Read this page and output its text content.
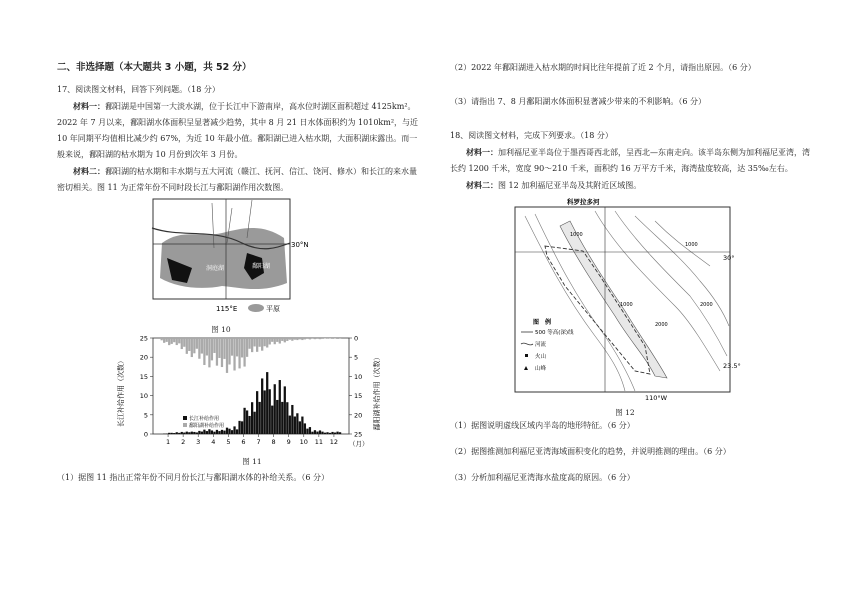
二、非选择题（本大题共 3 小题，共 52 分）

17、阅读图文材料，回答下列问题。（18 分）

材料一：鄱阳湖是中国第一大淡水湖，位于长江中下游南岸，高水位时湖区面积超过 4125km²。2022 年 7 月以来，鄱阳湖水体面积呈显著减少趋势，其中 8 月 21 日水体面积约为 1010km²，与近 10 年同期平均值相比减少约 67%，为近 10 年最小值。鄱阳湖已进入枯水期，大面积湖床露出。而一般来说，鄱阳湖的枯水期为 10 月份到次年 3 月份。

材料二：鄱阳湖的枯水期和丰水期与五大河流（赣江、抚河、信江、饶河、修水）和长江的来水量密切相关。图 11 为正常年份不同时段长江与鄱阳湖作用次数图。

30°N
洞庭湖	鄱阳湖
115°E	平原
图 10
0
5
10
15
20
25	0
5
10
15
20
25
1 2 3 4 5 6 7 8 9 10 11 12
长江补给作用（次数）	鄱阳湖补给作用（次数）
（月）
长江补给作用
鄱阳湖补给作用
图 11

（1）据图 11 指出正常年份不同月份长江与鄱阳湖水体的补给关系。（6 分）

（2）2022 年鄱阳湖进入枯水期的时间比往年提前了近 2 个月，请指出原因。（6 分）

（3）请指出 7、8 月鄱阳湖水体面积显著减少带来的不利影响。（6 分）

18、阅读图文材料，完成下列要求。（18 分）

材料一：加利福尼亚半岛位于墨西哥西北部，呈西北—东南走向。该半岛东侧为加利福尼亚湾，湾长约 1200 千米，宽度 90～210 千米，面积约 16 万平方千米，海湾盐度较高，达 35‰左右。

材料二：图 12 加利福尼亚半岛及其附近区域图。

科罗拉多河
30°
23.5°
110°W
1000
2000
1000
2000
1000
图　例
500 等高(深)线
河流
火山
山峰
图 12

（1）据图说明虚线区域内半岛的地形特征。（6 分）

（2）据图推测加利福尼亚湾海域面积变化的趋势，并说明推测的理由。（6 分）

（3）分析加利福尼亚湾海水盐度高的原因。（6 分）
